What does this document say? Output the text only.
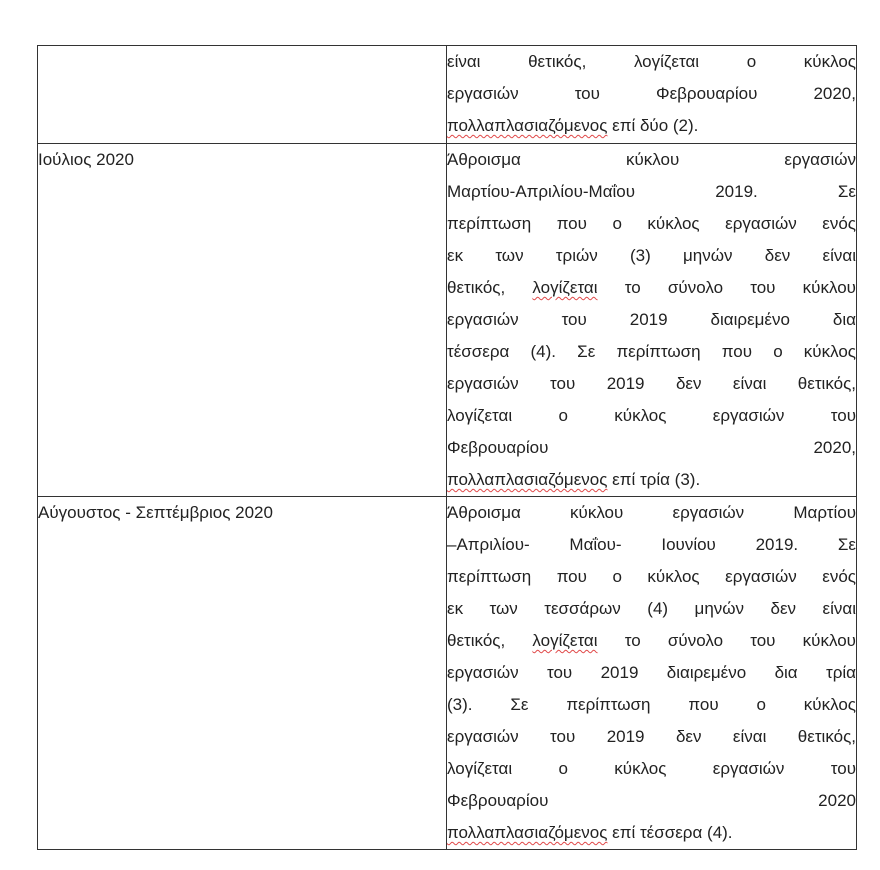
	είναι θετικός, λογίζεται ο κύκλος
εργασιών του Φεβρουαρίου 2020,
πολλαπλασιαζόμενος επί δύο (2).

Ιούλιος 2020	Άθροισμα κύκλου εργασιών
Μαρτίου-Απριλίου-Μαΐου 2019. Σε
περίπτωση που ο κύκλος εργασιών ενός
εκ των τριών (3) μηνών δεν είναι
θετικός, λογίζεται το σύνολο του κύκλου
εργασιών του 2019 διαιρεμένο δια
τέσσερα (4). Σε περίπτωση που ο κύκλος
εργασιών του 2019 δεν είναι θετικός,
λογίζεται ο κύκλος εργασιών του
Φεβρουαρίου 2020,
πολλαπλασιαζόμενος επί τρία (3).

Αύγουστος - Σεπτέμβριος 2020	Άθροισμα κύκλου εργασιών Μαρτίου
–Απριλίου- Μαΐου- Ιουνίου 2019. Σε
περίπτωση που ο κύκλος εργασιών ενός
εκ των τεσσάρων (4) μηνών δεν είναι
θετικός, λογίζεται το σύνολο του κύκλου
εργασιών του 2019 διαιρεμένο δια τρία
(3). Σε περίπτωση που ο κύκλος
εργασιών του 2019 δεν είναι θετικός,
λογίζεται ο κύκλος εργασιών του
Φεβρουαρίου 2020
πολλαπλασιαζόμενος επί τέσσερα (4).
